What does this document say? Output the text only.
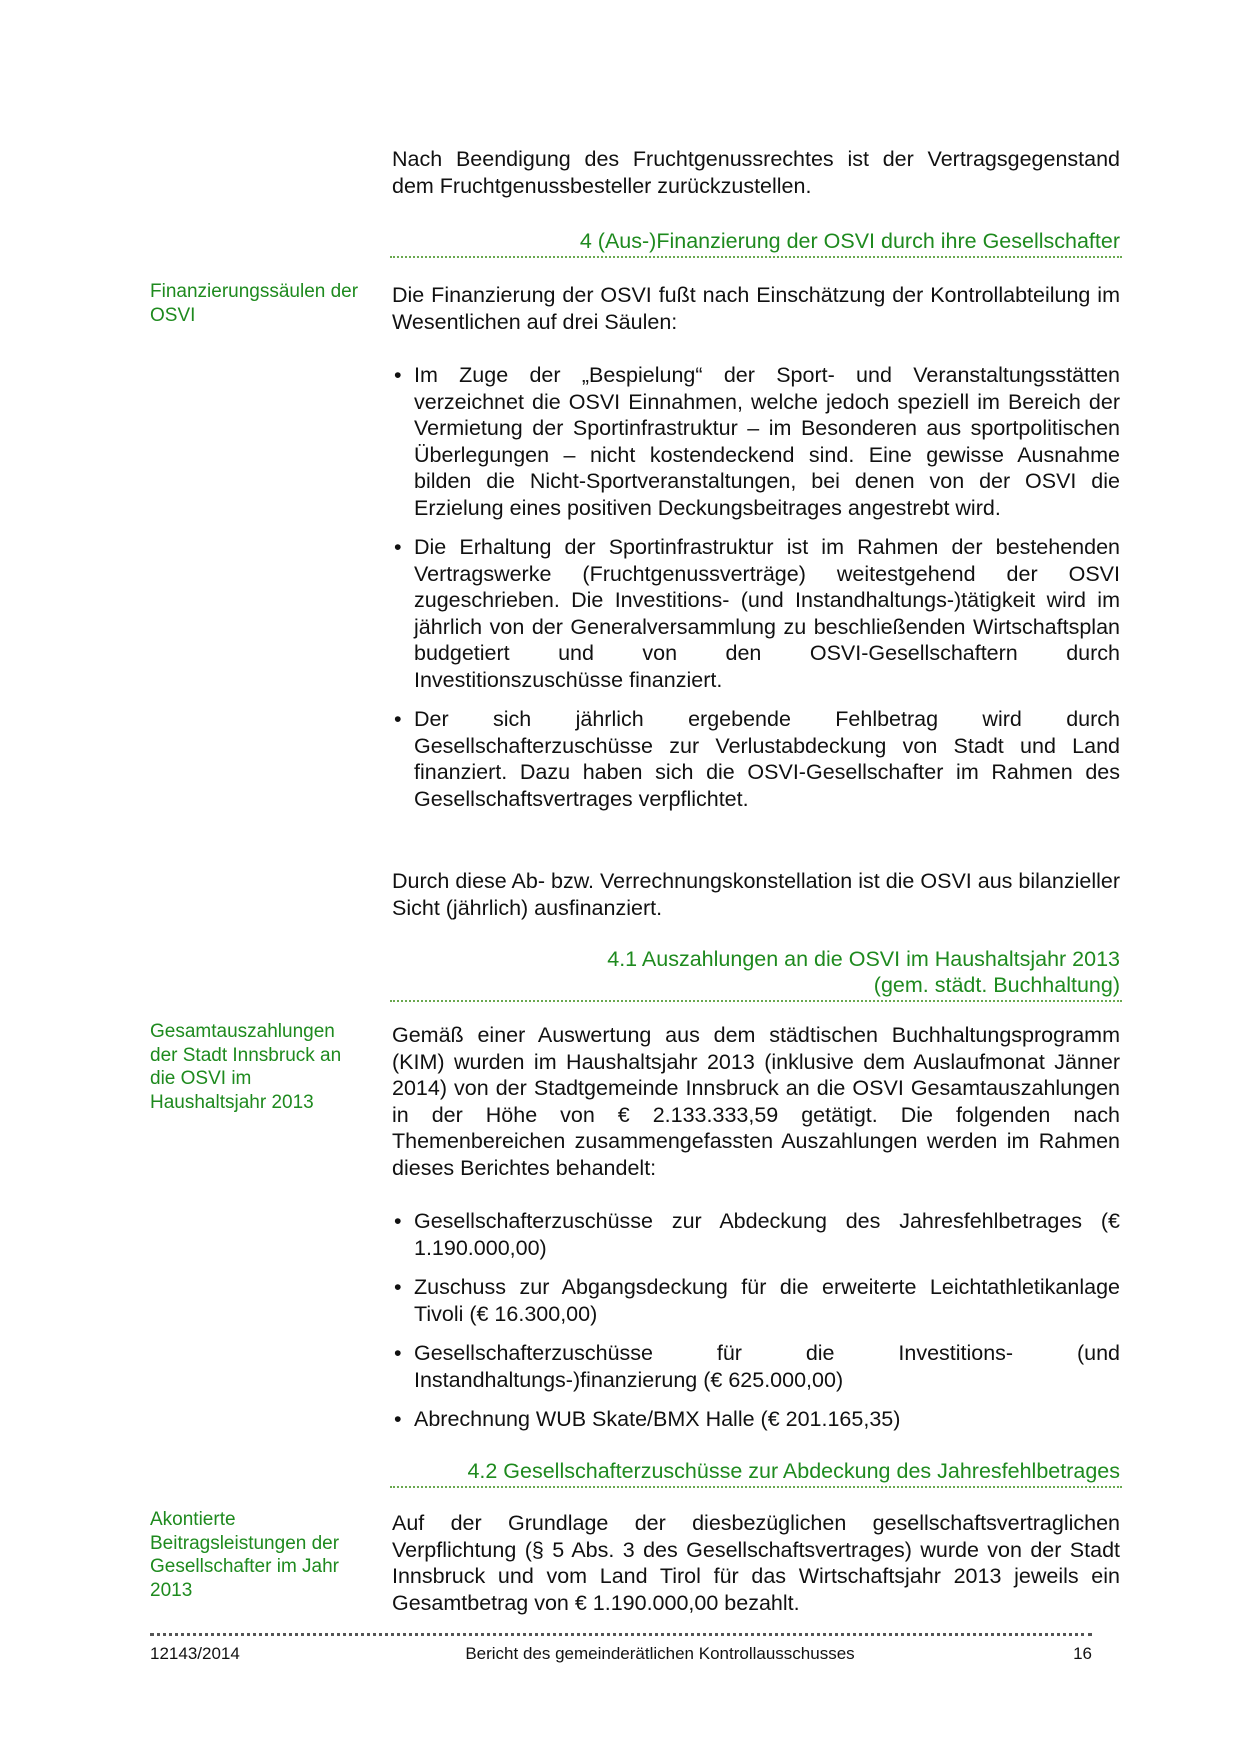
Nach Beendigung des Fruchtgenussrechtes ist der Vertragsgegenstand dem Fruchtgenussbesteller zurückzustellen.
4 (Aus-)Finanzierung der OSVI durch ihre Gesellschafter
Finanzierungssäulen der OSVI
Die Finanzierung der OSVI fußt nach Einschätzung der Kontrollabteilung im Wesentlichen auf drei Säulen:
• Im Zuge der „Bespielung“ der Sport- und Veranstaltungsstätten verzeichnet die OSVI Einnahmen, welche jedoch speziell im Bereich der Vermietung der Sportinfrastruktur – im Besonderen aus sportpolitischen Überlegungen – nicht kostendeckend sind. Eine gewisse Ausnahme bilden die Nicht-Sportveranstaltungen, bei denen von der OSVI die Erzielung eines positiven Deckungsbeitrages angestrebt wird.
• Die Erhaltung der Sportinfrastruktur ist im Rahmen der bestehenden Vertragswerke (Fruchtgenussverträge) weitestgehend der OSVI zugeschrieben. Die Investitions- (und Instandhaltungs-)tätigkeit wird im jährlich von der Generalversammlung zu beschließenden Wirtschaftsplan budgetiert und von den OSVI-Gesellschaftern durch Investitionszuschüsse finanziert.
• Der sich jährlich ergebende Fehlbetrag wird durch Gesellschafterzuschüsse zur Verlustabdeckung von Stadt und Land finanziert. Dazu haben sich die OSVI-Gesellschafter im Rahmen des Gesellschaftsvertrages verpflichtet.
Durch diese Ab- bzw. Verrechnungskonstellation ist die OSVI aus bilanzieller Sicht (jährlich) ausfinanziert.
4.1 Auszahlungen an die OSVI im Haushaltsjahr 2013
(gem. städt. Buchhaltung)
Gesamtauszahlungen der Stadt Innsbruck an die OSVI im Haushaltsjahr 2013
Gemäß einer Auswertung aus dem städtischen Buchhaltungsprogramm (KIM) wurden im Haushaltsjahr 2013 (inklusive dem Auslaufmonat Jänner 2014) von der Stadtgemeinde Innsbruck an die OSVI Gesamtauszahlungen in der Höhe von € 2.133.333,59 getätigt. Die folgenden nach Themenbereichen zusammengefassten Auszahlungen werden im Rahmen dieses Berichtes behandelt:
• Gesellschafterzuschüsse zur Abdeckung des Jahresfehlbetrages (€ 1.190.000,00)
• Zuschuss zur Abgangsdeckung für die erweiterte Leichtathletikanlage Tivoli (€ 16.300,00)
• Gesellschafterzuschüsse für die Investitions- (und Instandhaltungs-)finanzierung (€ 625.000,00)
• Abrechnung WUB Skate/BMX Halle (€ 201.165,35)
4.2 Gesellschafterzuschüsse zur Abdeckung des Jahresfehlbetrages
Akontierte Beitragsleistungen der Gesellschafter im Jahr 2013
Auf der Grundlage der diesbezüglichen gesellschaftsvertraglichen Verpflichtung (§ 5 Abs. 3 des Gesellschaftsvertrages) wurde von der Stadt Innsbruck und vom Land Tirol für das Wirtschaftsjahr 2013 jeweils ein Gesamtbetrag von € 1.190.000,00 bezahlt.
12143/2014	Bericht des gemeinderätlichen Kontrollausschusses	16
